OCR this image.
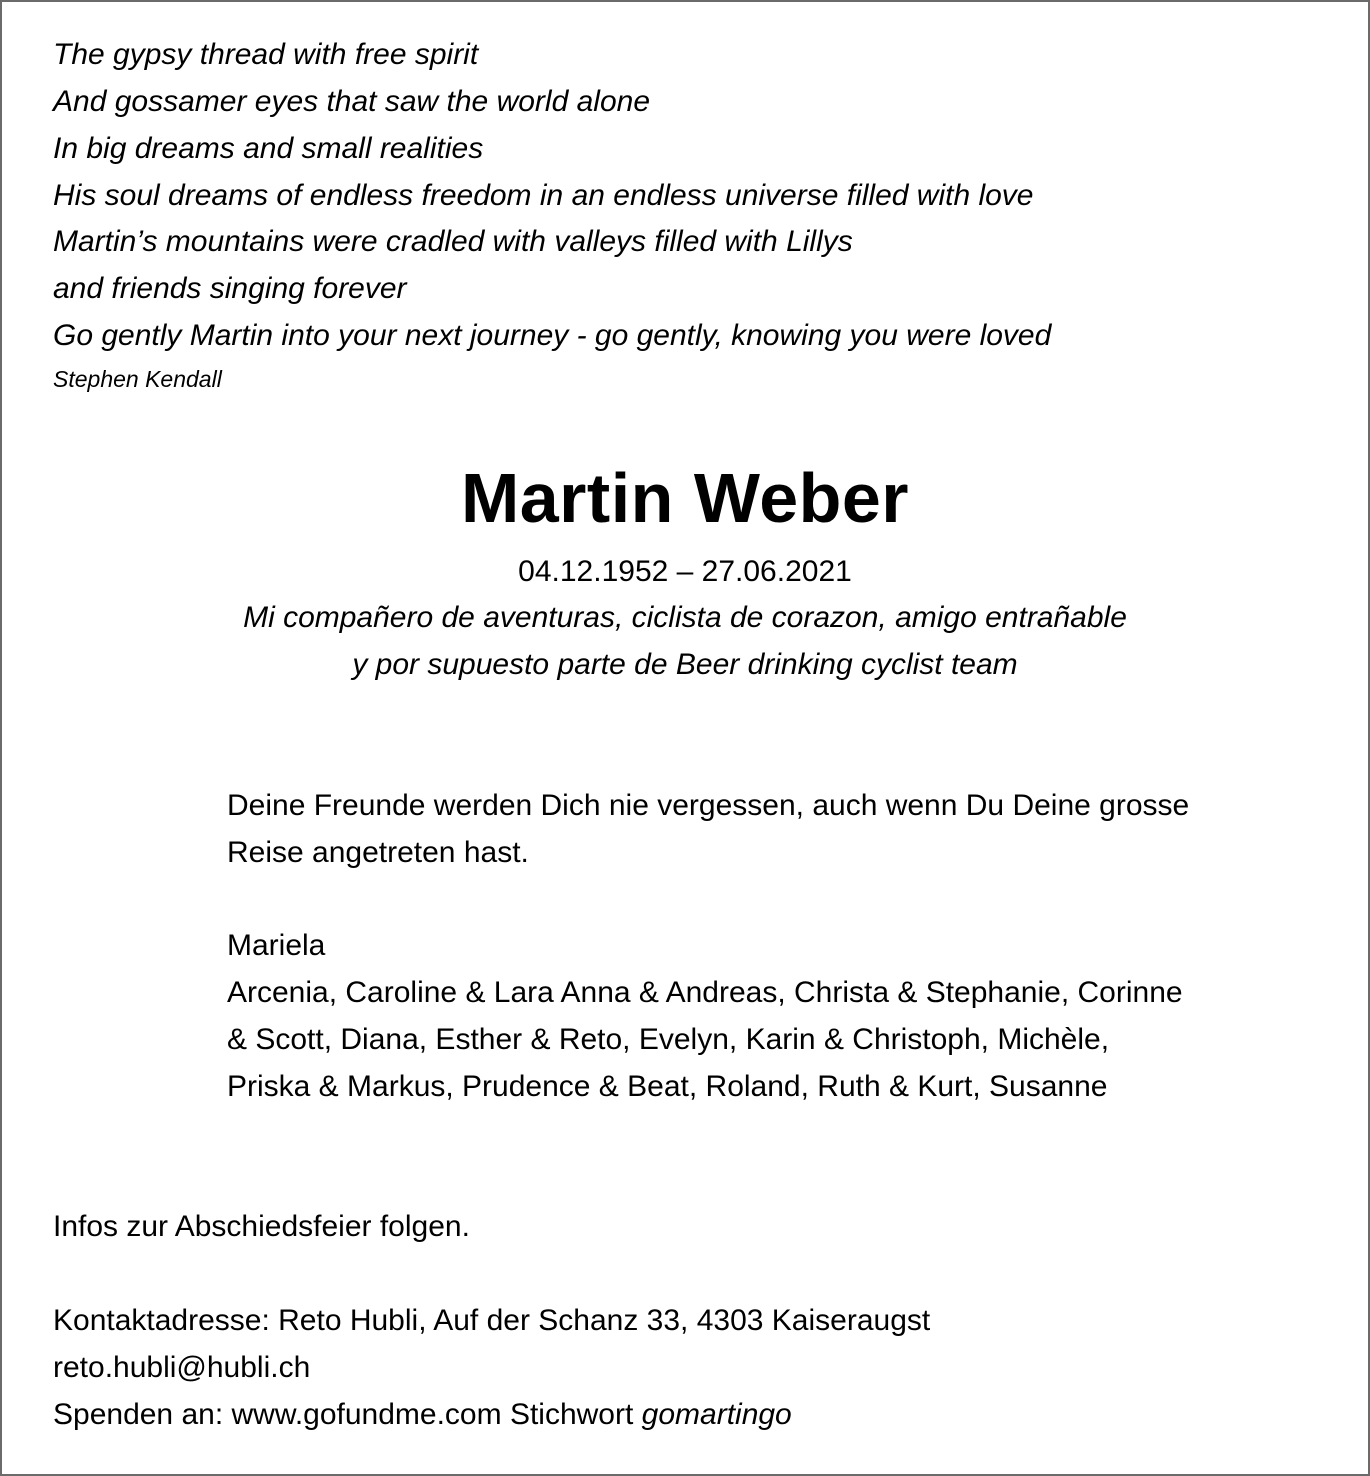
The gypsy thread with free spirit
And gossamer eyes that saw the world alone
In big dreams and small realities
His soul dreams of endless freedom in an endless universe filled with love
Martin’s mountains were cradled with valleys filled with Lillys
and friends singing forever
Go gently Martin into your next journey - go gently, knowing you were loved
Stephen Kendall
Martin Weber
04.12.1952 – 27.06.2021
Mi compañero de aventuras, ciclista de corazon, amigo entrañable
y por supuesto parte de Beer drinking cyclist team
Deine Freunde werden Dich nie vergessen, auch wenn Du Deine grosse
Reise angetreten hast.
Mariela
Arcenia, Caroline & Lara Anna & Andreas, Christa & Stephanie, Corinne
& Scott, Diana, Esther & Reto, Evelyn, Karin & Christoph, Michèle,
Priska & Markus, Prudence & Beat, Roland, Ruth & Kurt, Susanne
Infos zur Abschiedsfeier folgen.
Kontaktadresse: Reto Hubli, Auf der Schanz 33, 4303 Kaiseraugst
reto.hubli@hubli.ch
Spenden an: www.gofundme.com Stichwort gomartingo
